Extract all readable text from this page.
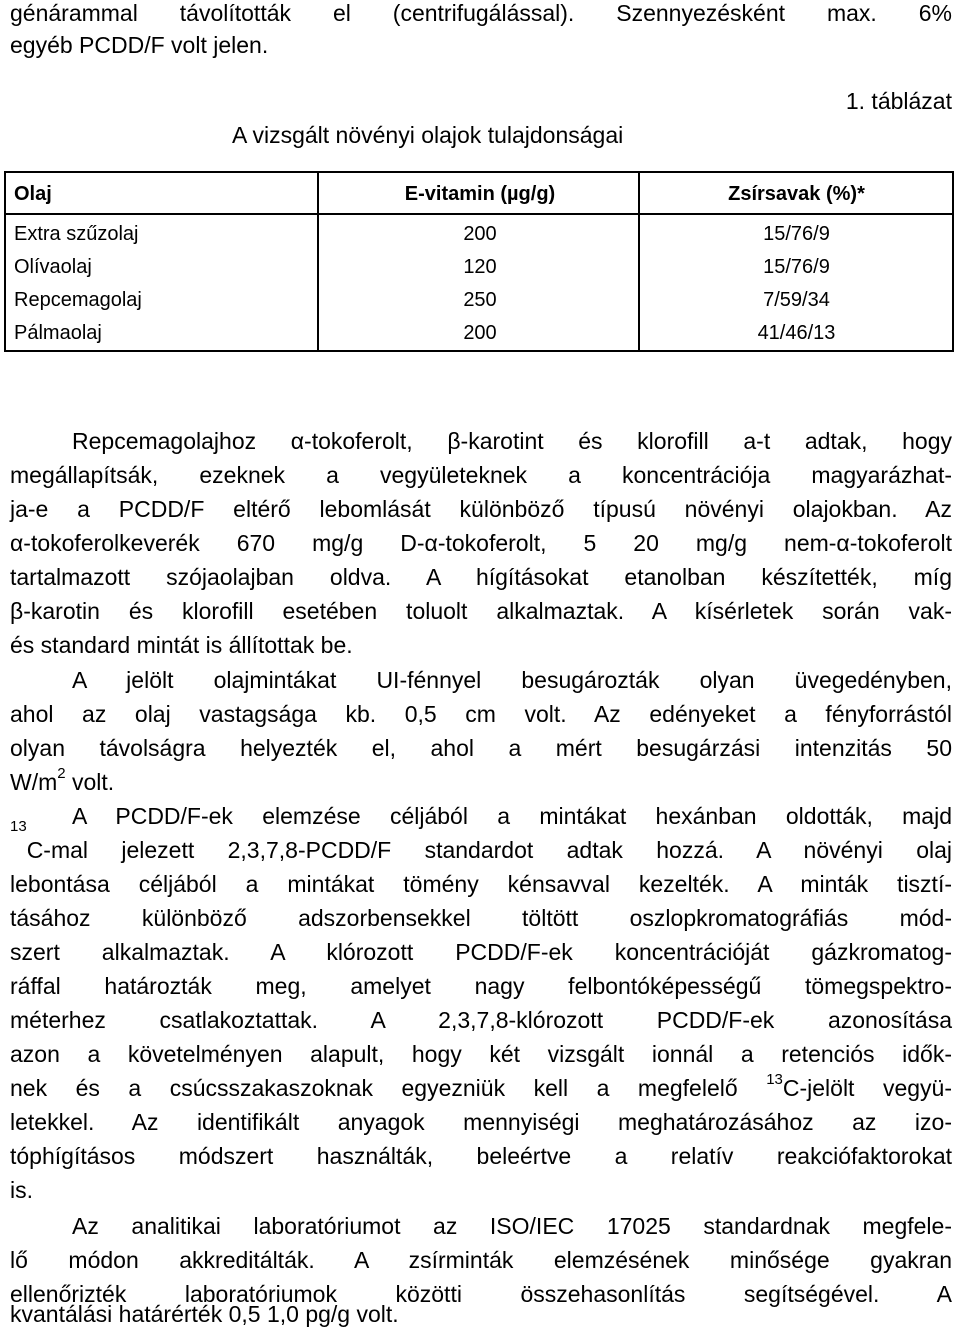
génárammal távolították el (centrifugálással). Szennyezésként max. 6%
egyéb PCDD/F volt jelen.
1. táblázat
A vizsgált növényi olajok tulajdonságai
Olaj	E-vitamin (µg/g)	Zsírsavak (%)*
Extra szűzolaj	200	15/76/9
Olívaolaj	120	15/76/9
Repcemagolaj	250	7/59/34
Pálmaolaj	200	41/46/13
Repcemagolajhoz α-tokoferolt, β-karotint és klorofill a-t adtak, hogy
megállapítsák, ezeknek a vegyületeknek a koncentrációja magyarázhat-
ja-e a PCDD/F eltérő lebomlását különböző típusú növényi olajokban. Az
α-tokoferolkeverék 670 mg/g D-α-tokoferolt, 5 20 mg/g nem-α-tokoferolt
tartalmazott szójaolajban oldva. A hígításokat etanolban készítették, míg
β-karotin és klorofill esetében toluolt alkalmaztak. A kísérletek során vak-
és standard mintát is állítottak be.
A jelölt olajmintákat UI-fénnyel besugározták olyan üvegedényben,
ahol az olaj vastagsága kb. 0,5 cm volt. Az edényeket a fényforrástól
olyan távolságra helyezték el, ahol a mért besugárzási intenzitás 50
$W/m^2$ volt.
A PCDD/F-ek elemzése céljából a mintákat hexánban oldották, majd
$^{13}$
C-mal jelezett 2,3,7,8-PCDD/F standardot adtak hozzá. A növényi olaj
lebontása céljából a mintákat tömény kénsavval kezelték. A minták tisztí-
tásához különböző adszorbensekkel töltött oszlopkromatográfiás mód-
szert alkalmaztak. A klórozott PCDD/F-ek koncentrációját gázkromatog-
ráffal határozták meg, amelyet nagy felbontóképességű tömegspektro-
méterhez csatlakoztattak. A 2,3,7,8-klórozott PCDD/F-ek azonosítása
azon a követelményen alapult, hogy két vizsgált ionnál a retenciós idők-
nek és a csúcsszakaszoknak egyezniük kell a megfelelő $^{13}$C-jelölt vegyü-
letekkel. Az identifikált anyagok mennyiségi meghatározásához az izo-
tóphígításos módszert használták, beleértve a relatív reakciófaktorokat
is.
Az analitikai laboratóriumot az ISO/IEC 17025 standardnak megfele-
lő módon akkreditálták. A zsírminták elemzésének minősége gyakran
ellenőrizték laboratóriumok közötti összehasonlítás segítségével. A
kvantálási határérték 0,5 1,0 pg/g volt.
